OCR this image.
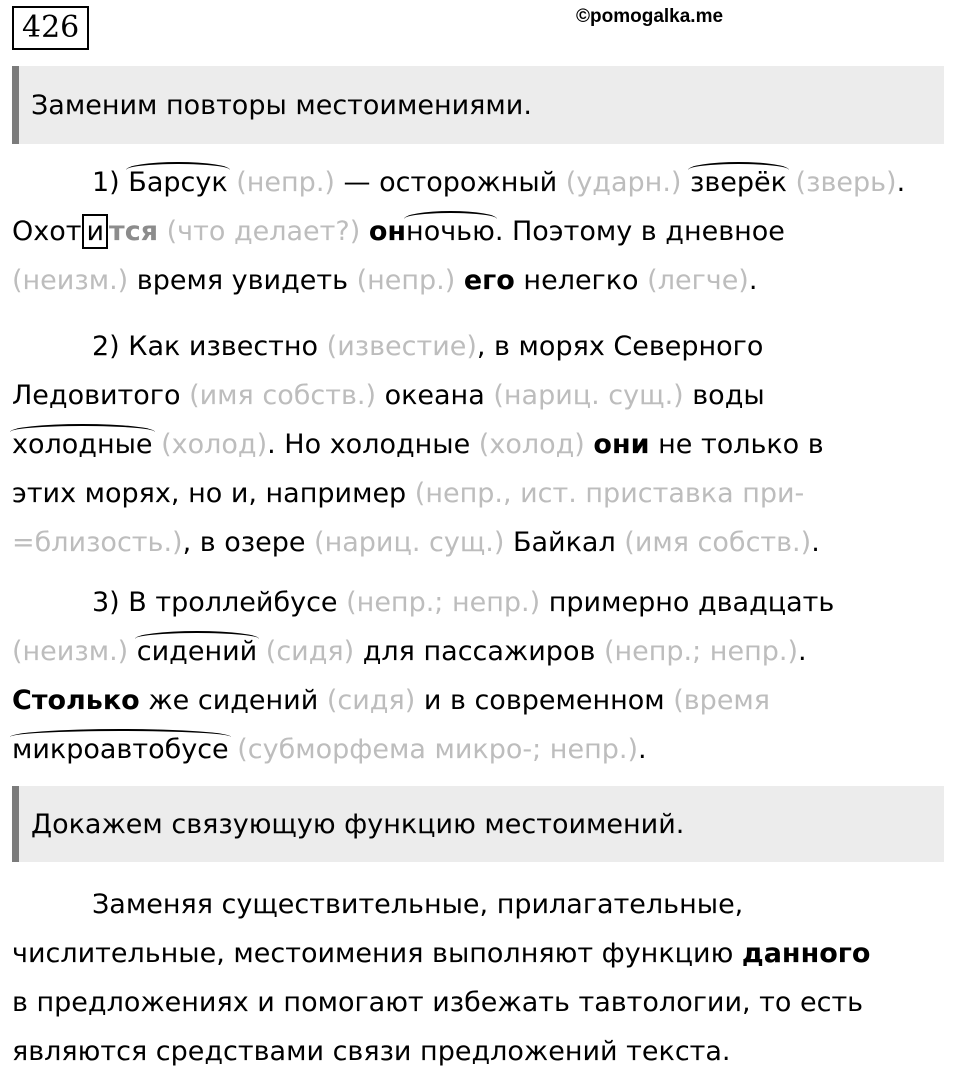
426	©pomogalka.me
Заменим повторы местоимениями.
1) Барсук (непр.) — осторожный (ударн.) зверёк (зверь).
Охот и тся (что делает?) онночью. Поэтому в дневное
(неизм.) время увидеть (непр.) его нелегко (легче).
2) Как известно (известие), в морях Северного
Ледовитого (имя собств.) океана (нариц. сущ.) воды
холодные (холод). Но холодные (холод) они не только в
этих морях, но и, например (непр., ист. приставка при-
=близость.), в озере (нариц. сущ.) Байкал (имя собств.).
3) В троллейбусе (непр.; непр.) примерно двадцать
(неизм.) сидений (сидя) для пассажиров (непр.; непр.).
Столько же сидений (сидя) и в современном (время
микроавтобусе (субморфема микро-; непр.).
Докажем связующую функцию местоимений.
Заменяя существительные, прилагательные,
числительные, местоимения выполняют функцию данного
в предложениях и помогают избежать тавтологии, то есть
являются средствами связи предложений текста.
